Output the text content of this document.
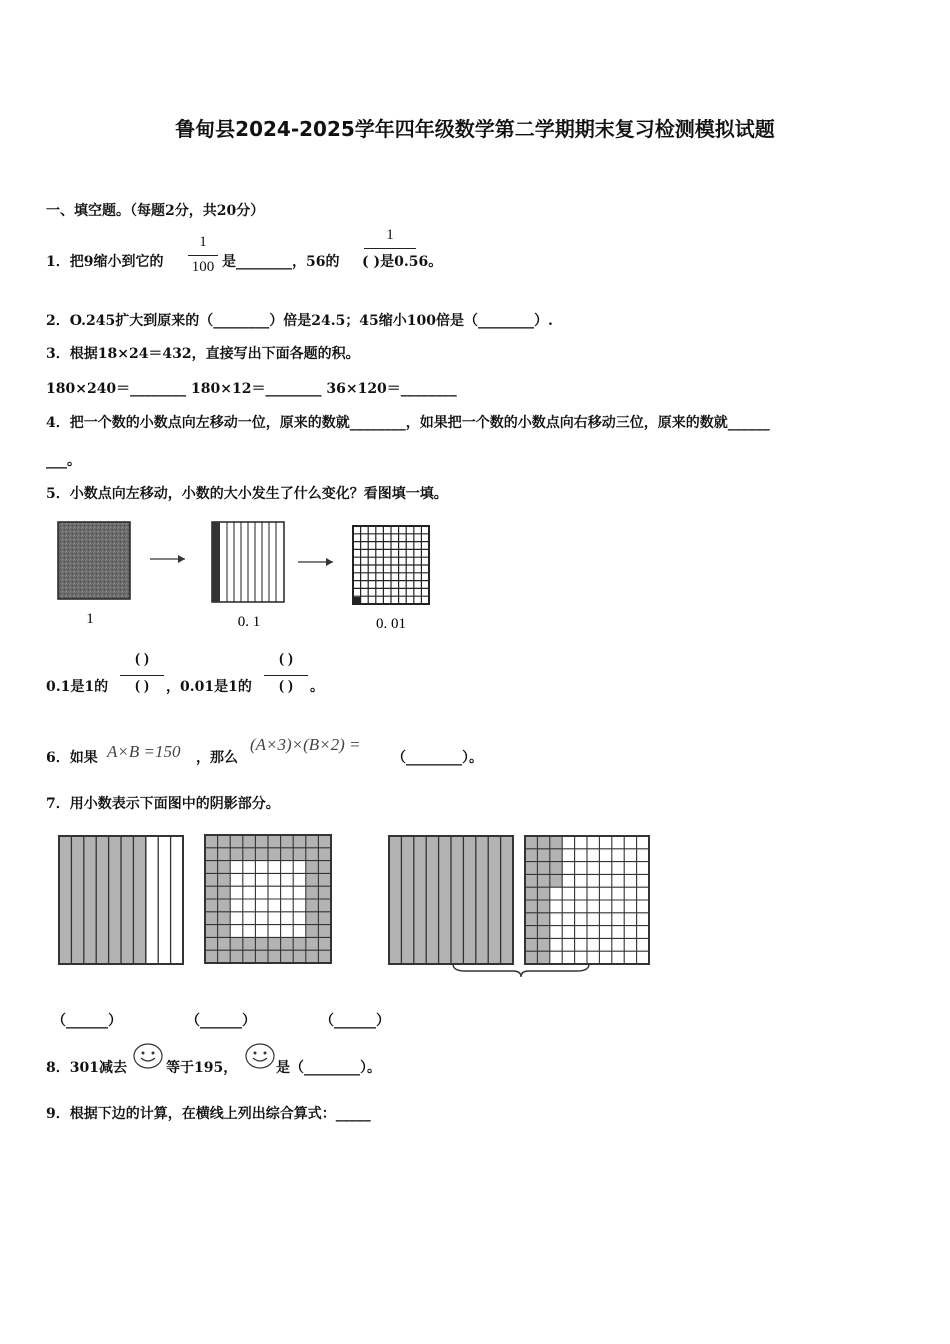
鲁甸县2024-2025学年四年级数学第二学期期末复习检测模拟试题
一、填空题。（每题2分，共20分）
1．把9缩小到它的
1
100 是________，56的
1
( )是0.56。
2．O.245扩大到原来的（________）倍是24.5；45缩小100倍是（________）.
3．根据18×24＝432，直接写出下面各题的积。
180×240＝________ 180×12＝________ 36×120＝________
4．把一个数的小数点向左移动一位，原来的数就________，如果把一个数的小数点向右移动三位，原来的数就______
___。
5．小数点向左移动，小数的大小发生了什么变化？看图填一填。
1	0. 1	0. 01
( )	( )
0.1是1的	( )	，0.01是1的	( )	。
6．如果 A×B =150 ，那么
(A×3)×(B×2) =
（________）。
7．用小数表示下面图中的阴影部分。
（______）	（______）	（______）
8．301减去	等于195，	是（________）。
9．根据下边的计算，在横线上列出综合算式：_____
